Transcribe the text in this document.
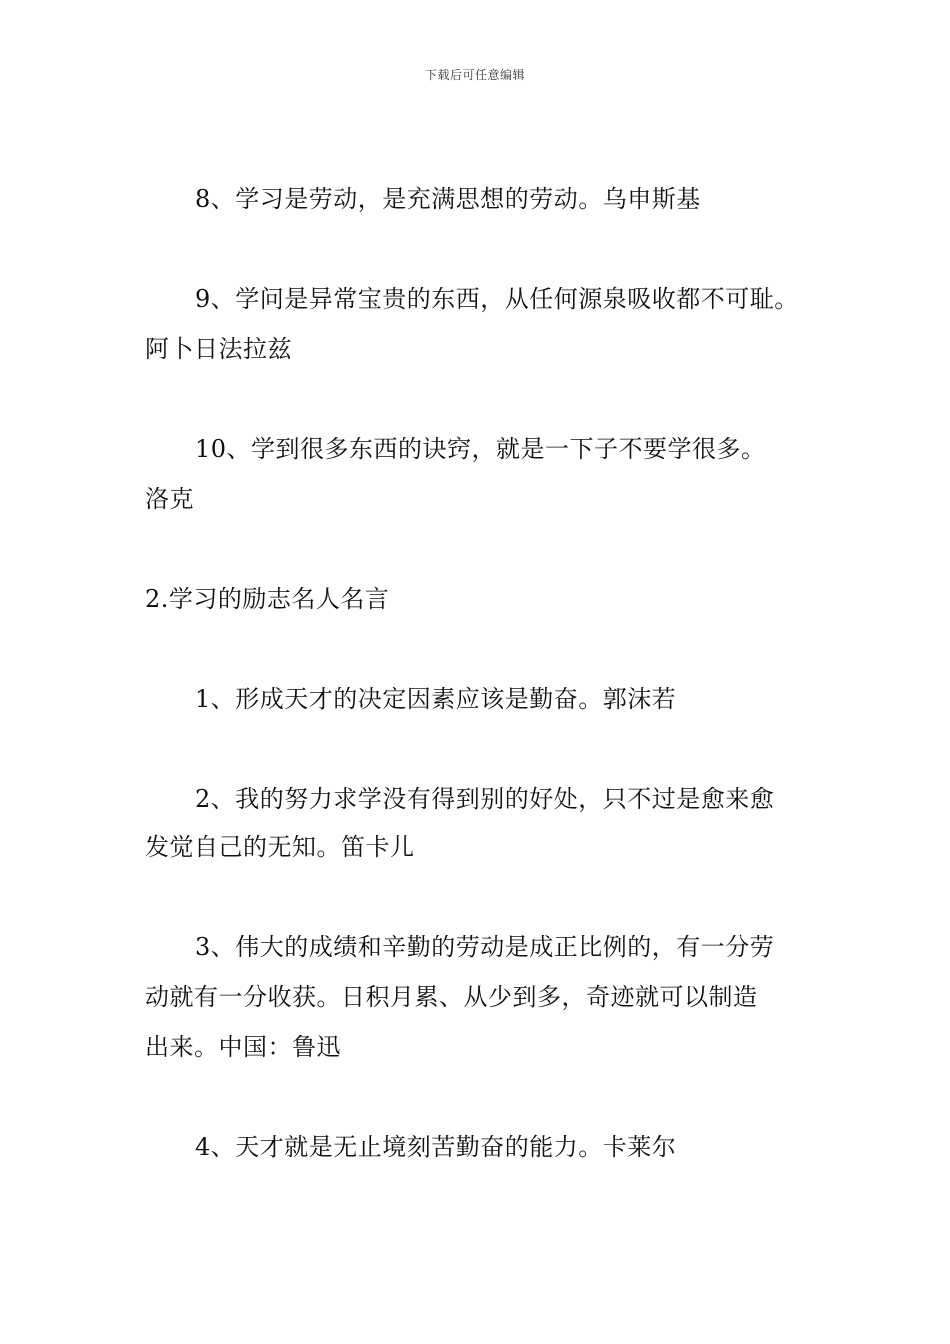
下载后可任意编辑
8、学习是劳动，是充满思想的劳动。乌申斯基
9、学问是异常宝贵的东西，从任何源泉吸收都不可耻。
阿卜日法拉兹
10、学到很多东西的诀窍，就是一下子不要学很多。
洛克
2.学习的励志名人名言
1、形成天才的决定因素应该是勤奋。郭沫若
2、我的努力求学没有得到别的好处，只不过是愈来愈
发觉自己的无知。笛卡儿
3、伟大的成绩和辛勤的劳动是成正比例的，有一分劳
动就有一分收获。日积月累、从少到多，奇迹就可以制造
出来。中国：鲁迅
4、天才就是无止境刻苦勤奋的能力。卡莱尔
